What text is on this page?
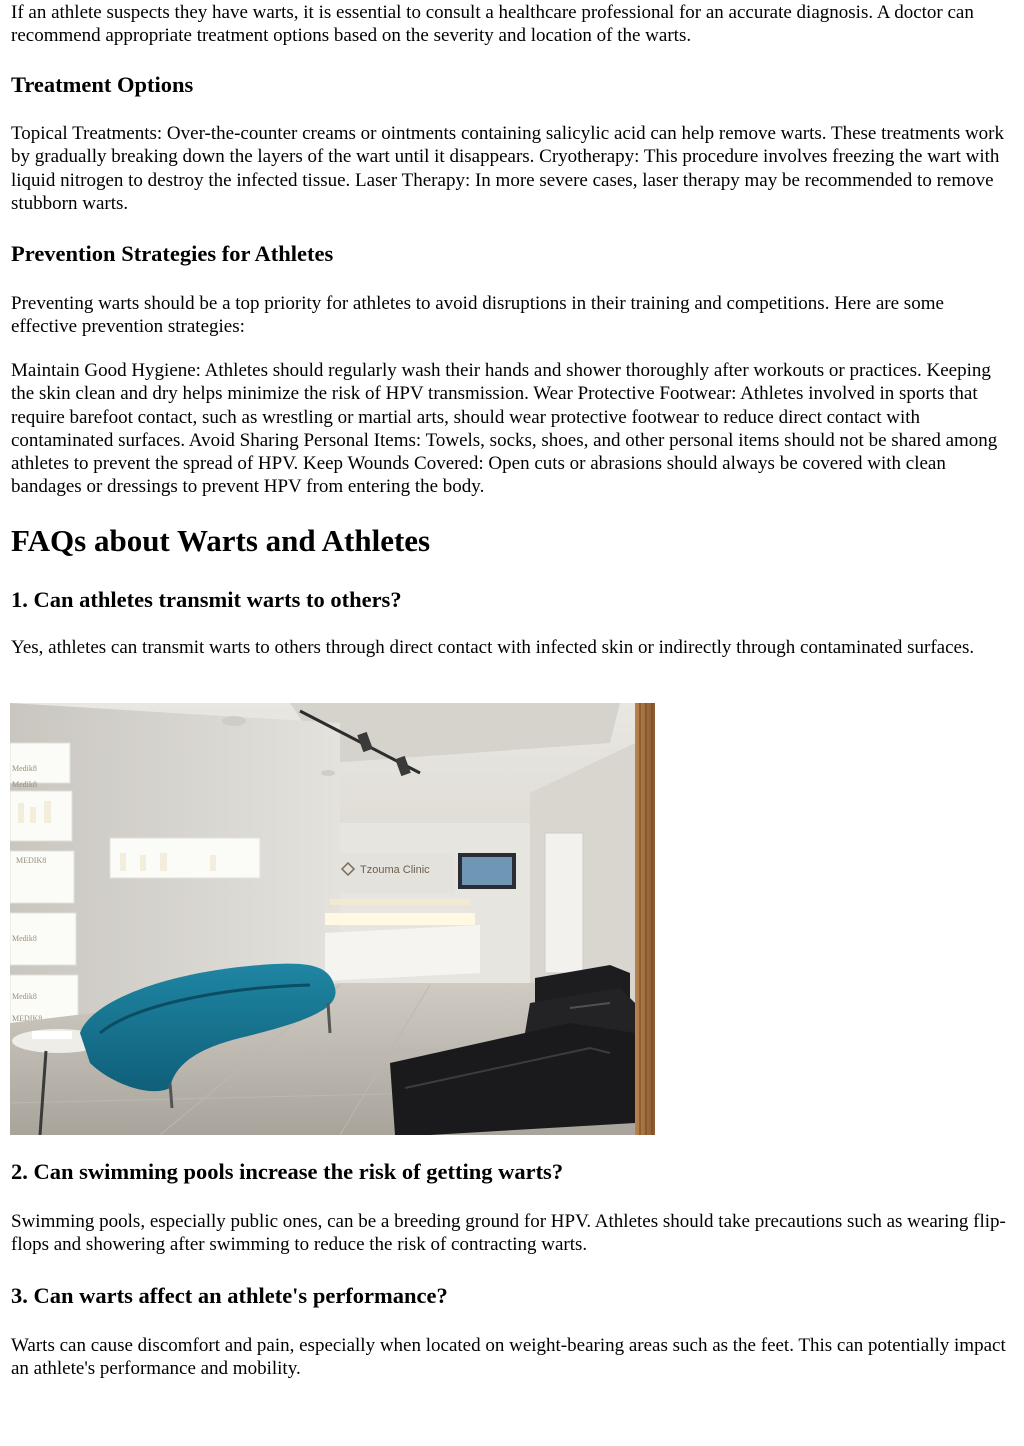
If an athlete suspects they have warts, it is essential to consult a healthcare professional for an accurate diagnosis. A doctor can recommend appropriate treatment options based on the severity and location of the warts.

Treatment Options

Topical Treatments: Over-the-counter creams or ointments containing salicylic acid can help remove warts. These treatments work by gradually breaking down the layers of the wart until it disappears. Cryotherapy: This procedure involves freezing the wart with liquid nitrogen to destroy the infected tissue. Laser Therapy: In more severe cases, laser therapy may be recommended to remove stubborn warts.

Prevention Strategies for Athletes

Preventing warts should be a top priority for athletes to avoid disruptions in their training and competitions. Here are some effective prevention strategies:

Maintain Good Hygiene: Athletes should regularly wash their hands and shower thoroughly after workouts or practices. Keeping the skin clean and dry helps minimize the risk of HPV transmission. Wear Protective Footwear: Athletes involved in sports that require barefoot contact, such as wrestling or martial arts, should wear protective footwear to reduce direct contact with contaminated surfaces. Avoid Sharing Personal Items: Towels, socks, shoes, and other personal items should not be shared among athletes to prevent the spread of HPV. Keep Wounds Covered: Open cuts or abrasions should always be covered with clean bandages or dressings to prevent HPV from entering the body.

FAQs about Warts and Athletes
1. Can athletes transmit warts to others?

Yes, athletes can transmit warts to others through direct contact with infected skin or indirectly through contaminated surfaces.

Medik8
Medik8
MEDIK8
Medik8
Medik8
MEDIK8
Tzouma Clinic
2. Can swimming pools increase the risk of getting warts?

Swimming pools, especially public ones, can be a breeding ground for HPV. Athletes should take precautions such as wearing flip-flops and showering after swimming to reduce the risk of contracting warts.

3. Can warts affect an athlete's performance?

Warts can cause discomfort and pain, especially when located on weight-bearing areas such as the feet. This can potentially impact an athlete's performance and mobility.
